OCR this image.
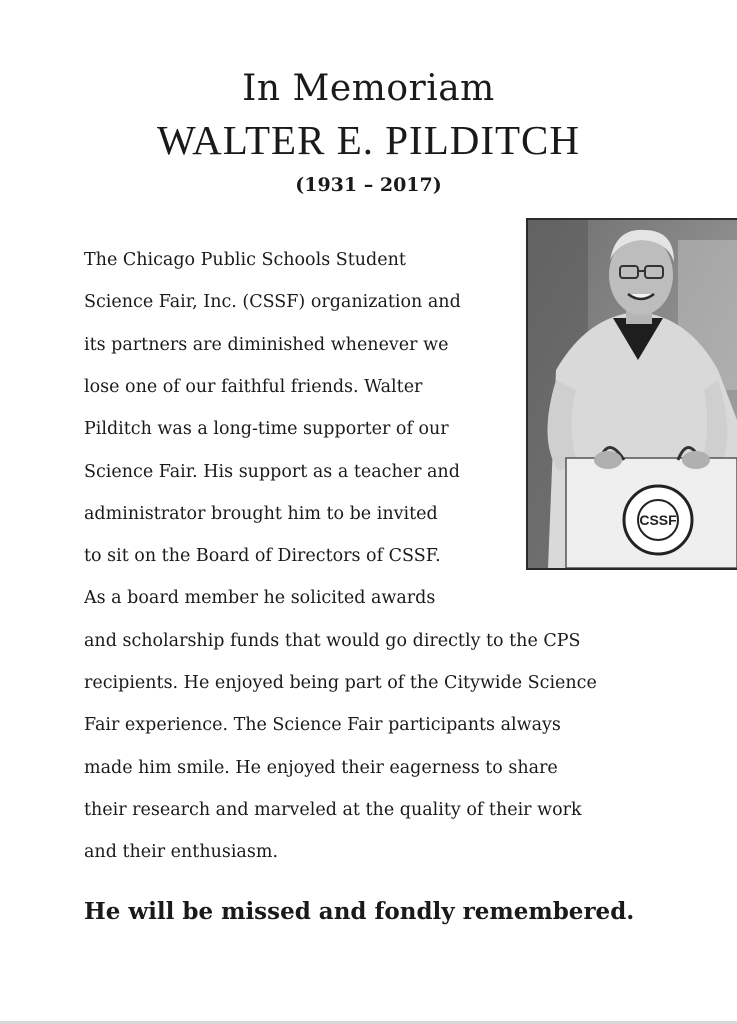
In Memoriam
WALTER E. PILDITCH
(1931 – 2017)
CSSF

The Chicago Public Schools Student

Science Fair, Inc. (CSSF) organization and

its partners are diminished whenever we

lose one of our faithful friends. Walter

Pilditch was a long-time supporter of our

Science Fair. His support as a teacher and

administrator brought him to be invited

to sit on the Board of Directors of CSSF.

As a board member he solicited awards

and scholarship funds that would go directly to the CPS

recipients. He enjoyed being part of the Citywide Science

Fair experience. The Science Fair participants always

made him smile. He enjoyed their eagerness to share

their research and marveled at the quality of their work

and their enthusiasm.

He will be missed and fondly remembered.
